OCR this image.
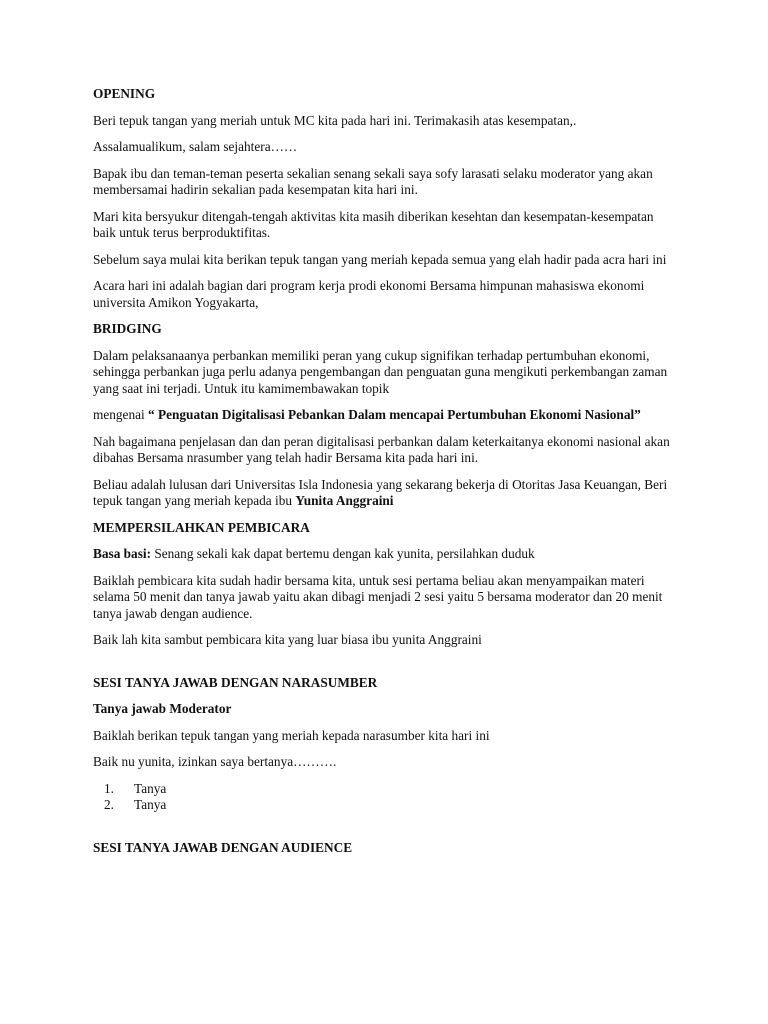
OPENING

Beri tepuk tangan yang meriah untuk MC kita pada hari ini. Terimakasih atas kesempatan,.

Assalamualikum, salam sejahtera……

Bapak ibu dan teman-teman peserta sekalian senang sekali saya sofy larasati selaku moderator yang akan membersamai hadirin sekalian pada kesempatan kita hari ini.

Mari kita bersyukur ditengah-tengah aktivitas kita masih diberikan kesehtan dan kesempatan-kesempatan baik untuk terus berproduktifitas.

Sebelum saya mulai kita berikan tepuk tangan yang meriah kepada semua yang elah hadir pada acra hari ini

Acara hari ini adalah bagian dari program kerja prodi ekonomi Bersama himpunan mahasiswa ekonomi universita Amikon Yogyakarta,

BRIDGING

Dalam pelaksanaanya perbankan memiliki peran yang cukup signifikan terhadap pertumbuhan ekonomi, sehingga perbankan juga perlu adanya pengembangan dan penguatan guna mengikuti perkembangan zaman yang saat ini terjadi. Untuk itu kamimembawakan topik

mengenai “ Penguatan Digitalisasi Pebankan Dalam mencapai Pertumbuhan Ekonomi Nasional”

Nah bagaimana penjelasan dan dan peran digitalisasi perbankan dalam keterkaitanya ekonomi nasional akan dibahas Bersama nrasumber yang telah hadir Bersama kita pada hari ini.

Beliau adalah lulusan dari Universitas Isla Indonesia yang sekarang bekerja di Otoritas Jasa Keuangan, Beri tepuk tangan yang meriah kepada ibu Yunita Anggraini

MEMPERSILAHKAN PEMBICARA

Basa basi: Senang sekali kak dapat bertemu dengan kak yunita, persilahkan duduk

Baiklah pembicara kita sudah hadir bersama kita, untuk sesi pertama beliau akan menyampaikan materi selama 50 menit dan tanya jawab yaitu akan dibagi menjadi 2 sesi yaitu 5 bersama moderator dan 20 menit tanya jawab dengan audience.

Baik lah kita sambut pembicara kita yang luar biasa ibu yunita Anggraini

SESI TANYA JAWAB DENGAN NARASUMBER

Tanya jawab Moderator

Baiklah berikan tepuk tangan yang meriah kepada narasumber kita hari ini

Baik nu yunita, izinkan saya bertanya……….

1.	Tanya
2.	Tanya

SESI TANYA JAWAB DENGAN AUDIENCE
